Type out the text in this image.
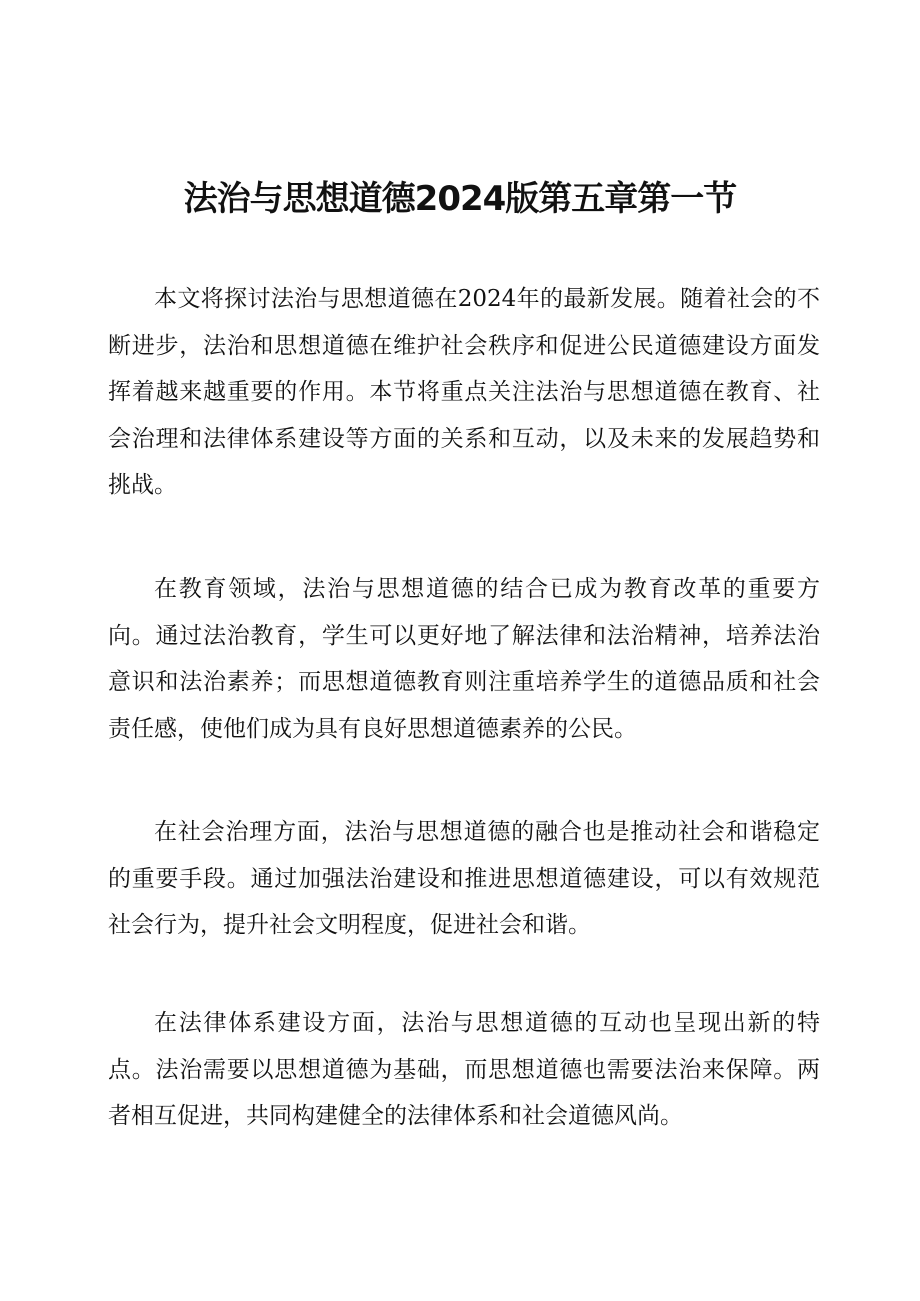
法治与思想道德2024版第五章第一节

本文将探讨法治与思想道德在2024年的最新发展。随着社会的不断进步，法治和思想道德在维护社会秩序和促进公民道德建设方面发挥着越来越重要的作用。本节将重点关注法治与思想道德在教育、社会治理和法律体系建设等方面的关系和互动，以及未来的发展趋势和挑战。

在教育领域，法治与思想道德的结合已成为教育改革的重要方向。通过法治教育，学生可以更好地了解法律和法治精神，培养法治意识和法治素养；而思想道德教育则注重培养学生的道德品质和社会责任感，使他们成为具有良好思想道德素养的公民。

在社会治理方面，法治与思想道德的融合也是推动社会和谐稳定的重要手段。通过加强法治建设和推进思想道德建设，可以有效规范社会行为，提升社会文明程度，促进社会和谐。

在法律体系建设方面，法治与思想道德的互动也呈现出新的特点。法治需要以思想道德为基础，而思想道德也需要法治来保障。两者相互促进，共同构建健全的法律体系和社会道德风尚。
